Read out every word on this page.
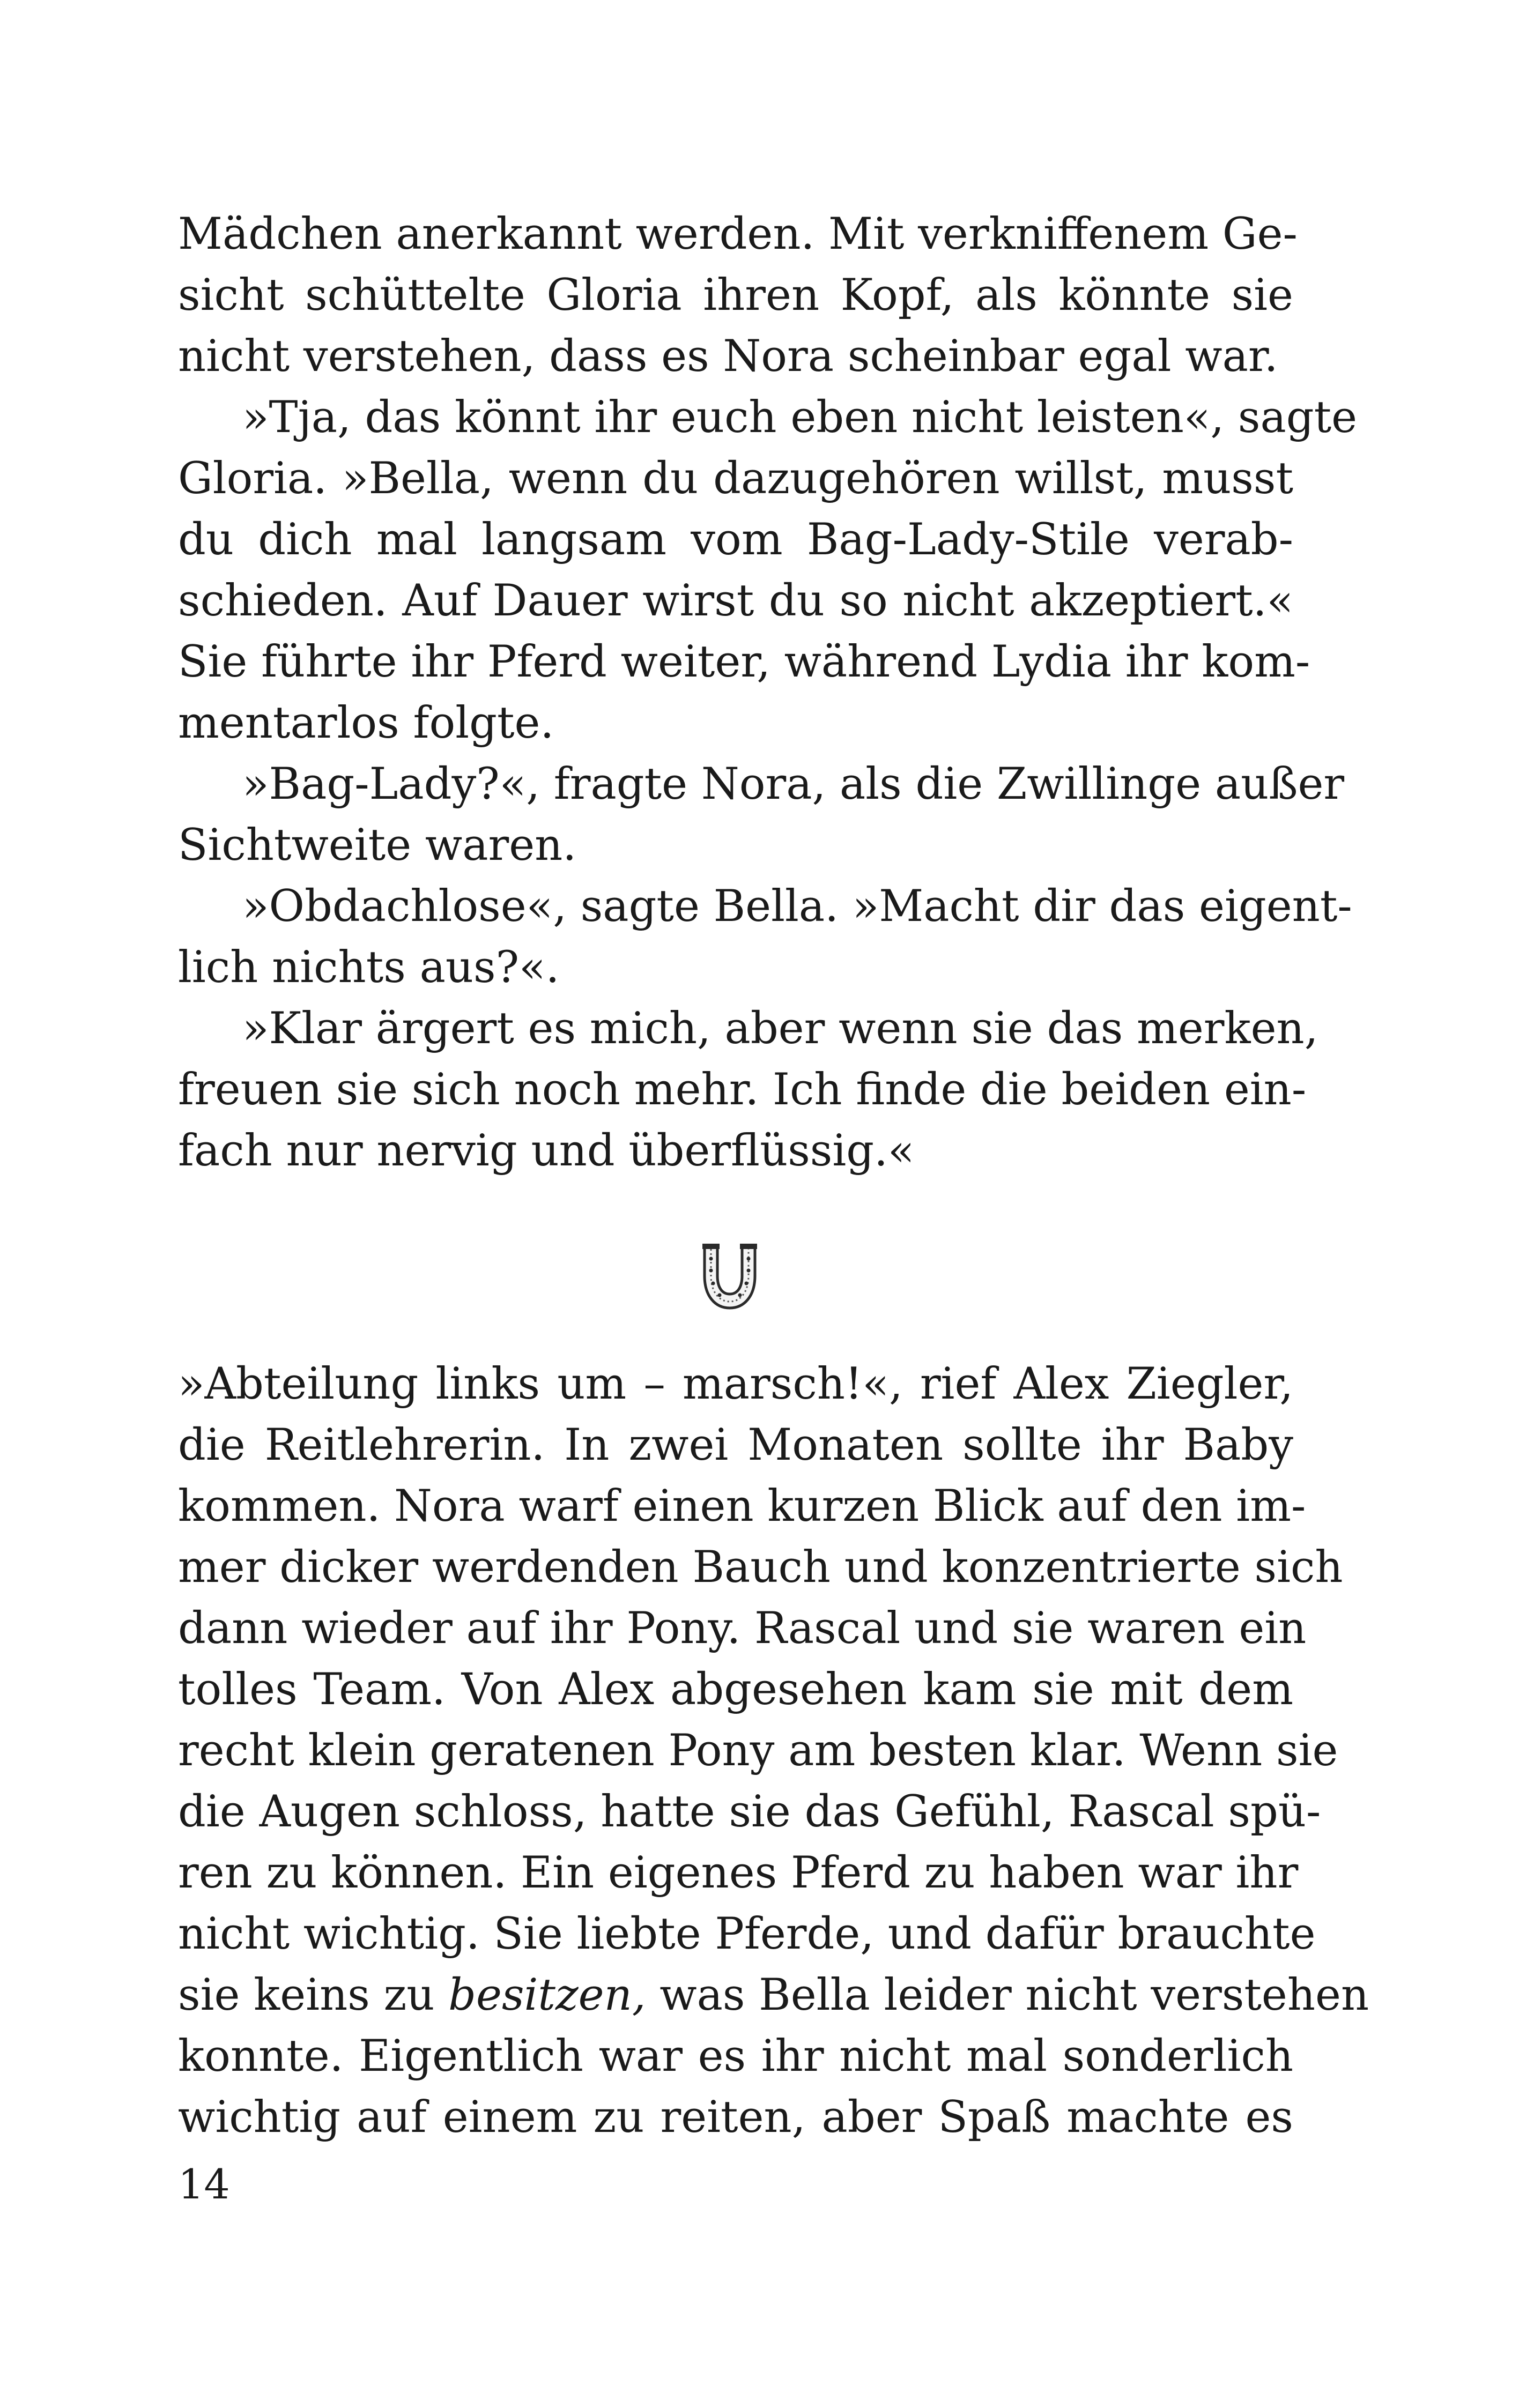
Mädchen anerkannt werden. Mit verkniffenem Ge-
sicht schüttelte Gloria ihren Kopf, als könnte sie
nicht verstehen, dass es Nora scheinbar egal war.
»Tja, das könnt ihr euch eben nicht leisten«, sagte
Gloria. »Bella, wenn du dazugehören willst, musst
du dich mal langsam vom Bag-Lady-Stile verab-
schieden. Auf Dauer wirst du so nicht akzeptiert.«
Sie führte ihr Pferd weiter, während Lydia ihr kom-
mentarlos folgte.
»Bag-Lady?«, fragte Nora, als die Zwillinge außer
Sichtweite waren.
»Obdachlose«, sagte Bella. »Macht dir das eigent-
lich nichts aus?«.
»Klar ärgert es mich, aber wenn sie das merken,
freuen sie sich noch mehr. Ich finde die beiden ein-
fach nur nervig und überflüssig.«
»Abteilung links um – marsch!«, rief Alex Ziegler,
die Reitlehrerin. In zwei Monaten sollte ihr Baby
kommen. Nora warf einen kurzen Blick auf den im-
mer dicker werdenden Bauch und konzentrierte sich
dann wieder auf ihr Pony. Rascal und sie waren ein
tolles Team. Von Alex abgesehen kam sie mit dem
recht klein geratenen Pony am besten klar. Wenn sie
die Augen schloss, hatte sie das Gefühl, Rascal spü-
ren zu können. Ein eigenes Pferd zu haben war ihr
nicht wichtig. Sie liebte Pferde, und dafür brauchte
sie keins zu besitzen, was Bella leider nicht verstehen
konnte. Eigentlich war es ihr nicht mal sonderlich
wichtig auf einem zu reiten, aber Spaß machte es
14
